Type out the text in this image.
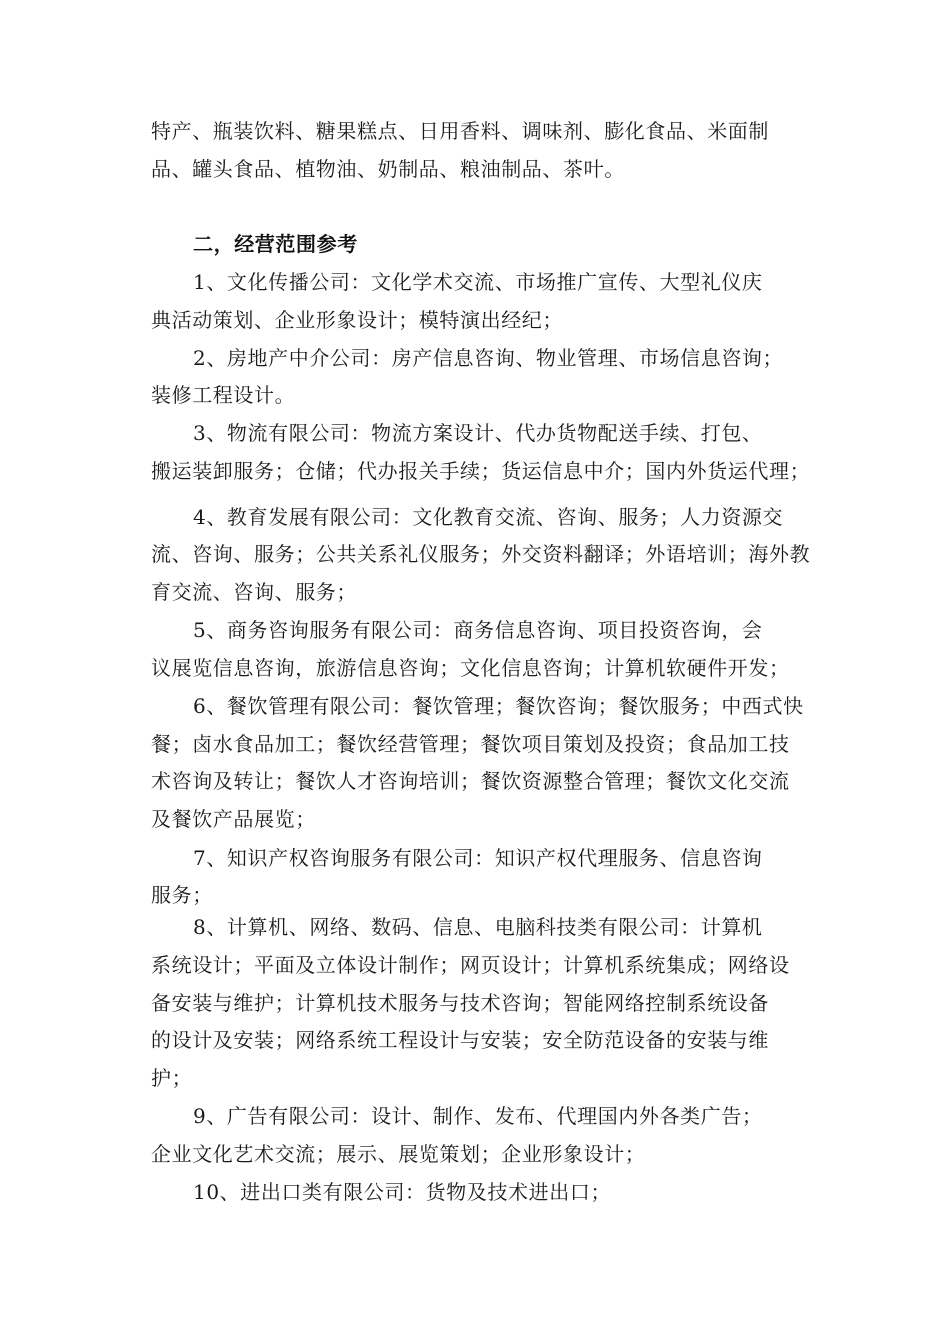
特产、瓶装饮料、糖果糕点、日用香料、调味剂、膨化食品、米面制
品、罐头食品、植物油、奶制品、粮油制品、茶叶。
二，经营范围参考
1、文化传播公司：文化学术交流、市场推广宣传、大型礼仪庆
典活动策划、企业形象设计；模特演出经纪；
2、房地产中介公司：房产信息咨询、物业管理、市场信息咨询；
装修工程设计。
3、物流有限公司：物流方案设计、代办货物配送手续、打包、
搬运装卸服务；仓储；代办报关手续；货运信息中介；国内外货运代理；
4、教育发展有限公司：文化教育交流、咨询、服务；人力资源交
流、咨询、服务；公共关系礼仪服务；外交资料翻译；外语培训；海外教
育交流、咨询、服务；
5、商务咨询服务有限公司：商务信息咨询、项目投资咨询，会
议展览信息咨询，旅游信息咨询；文化信息咨询；计算机软硬件开发；
6、餐饮管理有限公司：餐饮管理；餐饮咨询；餐饮服务；中西式快
餐；卤水食品加工；餐饮经营管理；餐饮项目策划及投资；食品加工技
术咨询及转让；餐饮人才咨询培训；餐饮资源整合管理；餐饮文化交流
及餐饮产品展览；
7、知识产权咨询服务有限公司：知识产权代理服务、信息咨询
服务；
8、计算机、网络、数码、信息、电脑科技类有限公司：计算机
系统设计；平面及立体设计制作；网页设计；计算机系统集成；网络设
备安装与维护；计算机技术服务与技术咨询；智能网络控制系统设备
的设计及安装；网络系统工程设计与安装；安全防范设备的安装与维
护；
9、广告有限公司：设计、制作、发布、代理国内外各类广告；
企业文化艺术交流；展示、展览策划；企业形象设计；
10、进出口类有限公司：货物及技术进出口；
